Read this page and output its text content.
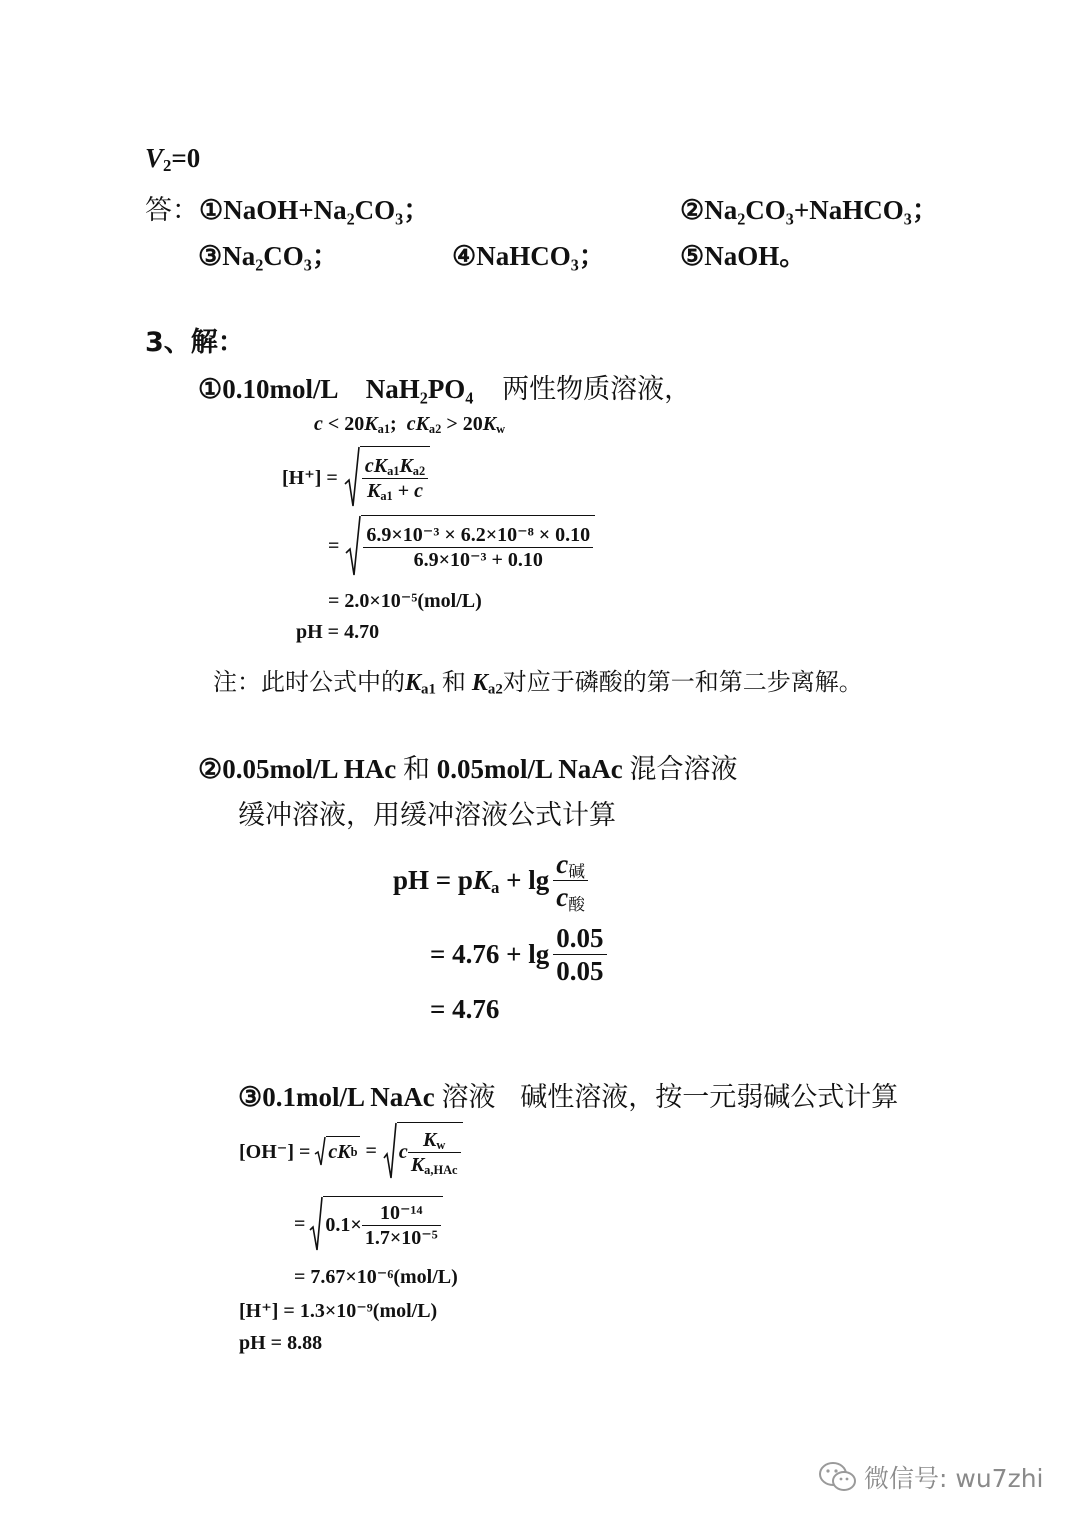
$V_2=0$
答：①NaOH+Na₂CO₃；	②Na₂CO₃+NaHCO₃；
③Na₂CO₃；	④NaHCO₃；	⑤NaOH。
3、解：
①0.10mol/L NaH₂PO₄ 两性物质溶液，
$c < 20K_{a1}$;  $cK_{a2} > 20K_w$
$[H^+] = \frac{cK_{a1}K_{a2}}{K_{a1} + c}$
= $\frac{\text{6.9×10⁻³ × 6.2×10⁻⁸ × 0.10}}{\text{6.9×10⁻³ + 0.10}}$
= 2.0×10⁻⁵(mol/L)
pH = 4.70
注：此时公式中的$K_{a1}$ 和 $K_{a2}$对应于磷酸的第一和第二步离解。
②0.05mol/L HAc 和 0.05mol/L NaAc 混合溶液
缓冲溶液，用缓冲溶液公式计算
pH = $pK_a + \lg \frac{c_碱}{c_酸}$
= $4.76 + \lg \frac{0.05}{0.05}$
= 4.76
③0.1mol/L NaAc 溶液 碱性溶液，按一元弱碱公式计算
[OH⁻] = cK b = c $\frac{K_w}{K_{a,HAc}}$
= $0.1\times \frac{\text{10⁻¹⁴}}{\text{1.7×10⁻⁵}}$
= 7.67×10⁻⁶(mol/L)
[H⁺] = 1.3×10⁻⁹(mol/L)
pH = 8.88
微信号: wu7zhi
